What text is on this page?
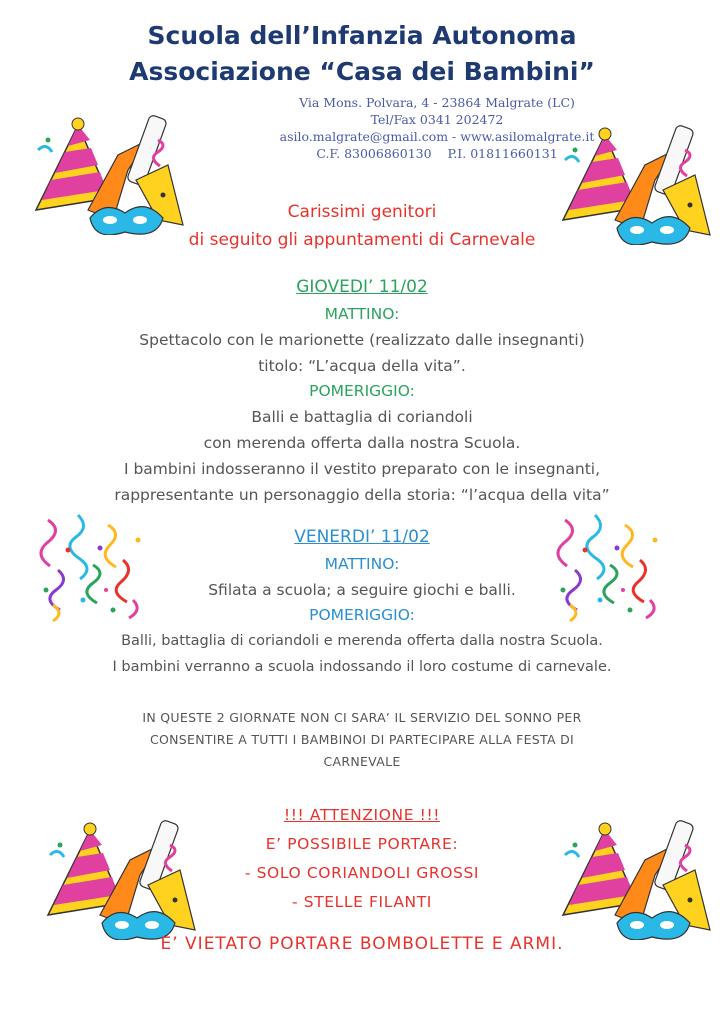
Scuola dell’Infanzia Autonoma
Associazione “Casa dei Bambini”
Via Mons. Polvara, 4 - 23864 Malgrate (LC)
Tel/Fax 0341 202472
asilo.malgrate@gmail.com - www.asilomalgrate.it
C.F. 83006860130    P.I. 01811660131
Carissimi genitori
di seguito gli appuntamenti di Carnevale
GIOVEDI’ 11/02
MATTINO:
Spettacolo con le marionette (realizzato dalle insegnanti)
titolo: “L’acqua della vita”.
POMERIGGIO:
Balli e battaglia di coriandoli
con merenda offerta dalla nostra Scuola.
I bambini indosseranno il vestito preparato con le insegnanti,
rappresentante un personaggio della storia: “l’acqua della vita”
VENERDI’ 11/02
MATTINO:
Sfilata a scuola; a seguire giochi e balli.
POMERIGGIO:
Balli, battaglia di coriandoli e merenda offerta dalla nostra Scuola.
I bambini verranno a scuola indossando il loro costume di carnevale.
IN QUESTE 2 GIORNATE NON CI SARA’ IL SERVIZIO DEL SONNO PER
CONSENTIRE A TUTTI I BAMBINOI DI PARTECIPARE ALLA FESTA DI
CARNEVALE
!!! ATTENZIONE !!!
E’ POSSIBILE PORTARE:
- SOLO CORIANDOLI GROSSI
- STELLE FILANTI
E’ VIETATO PORTARE BOMBOLETTE E ARMI.
